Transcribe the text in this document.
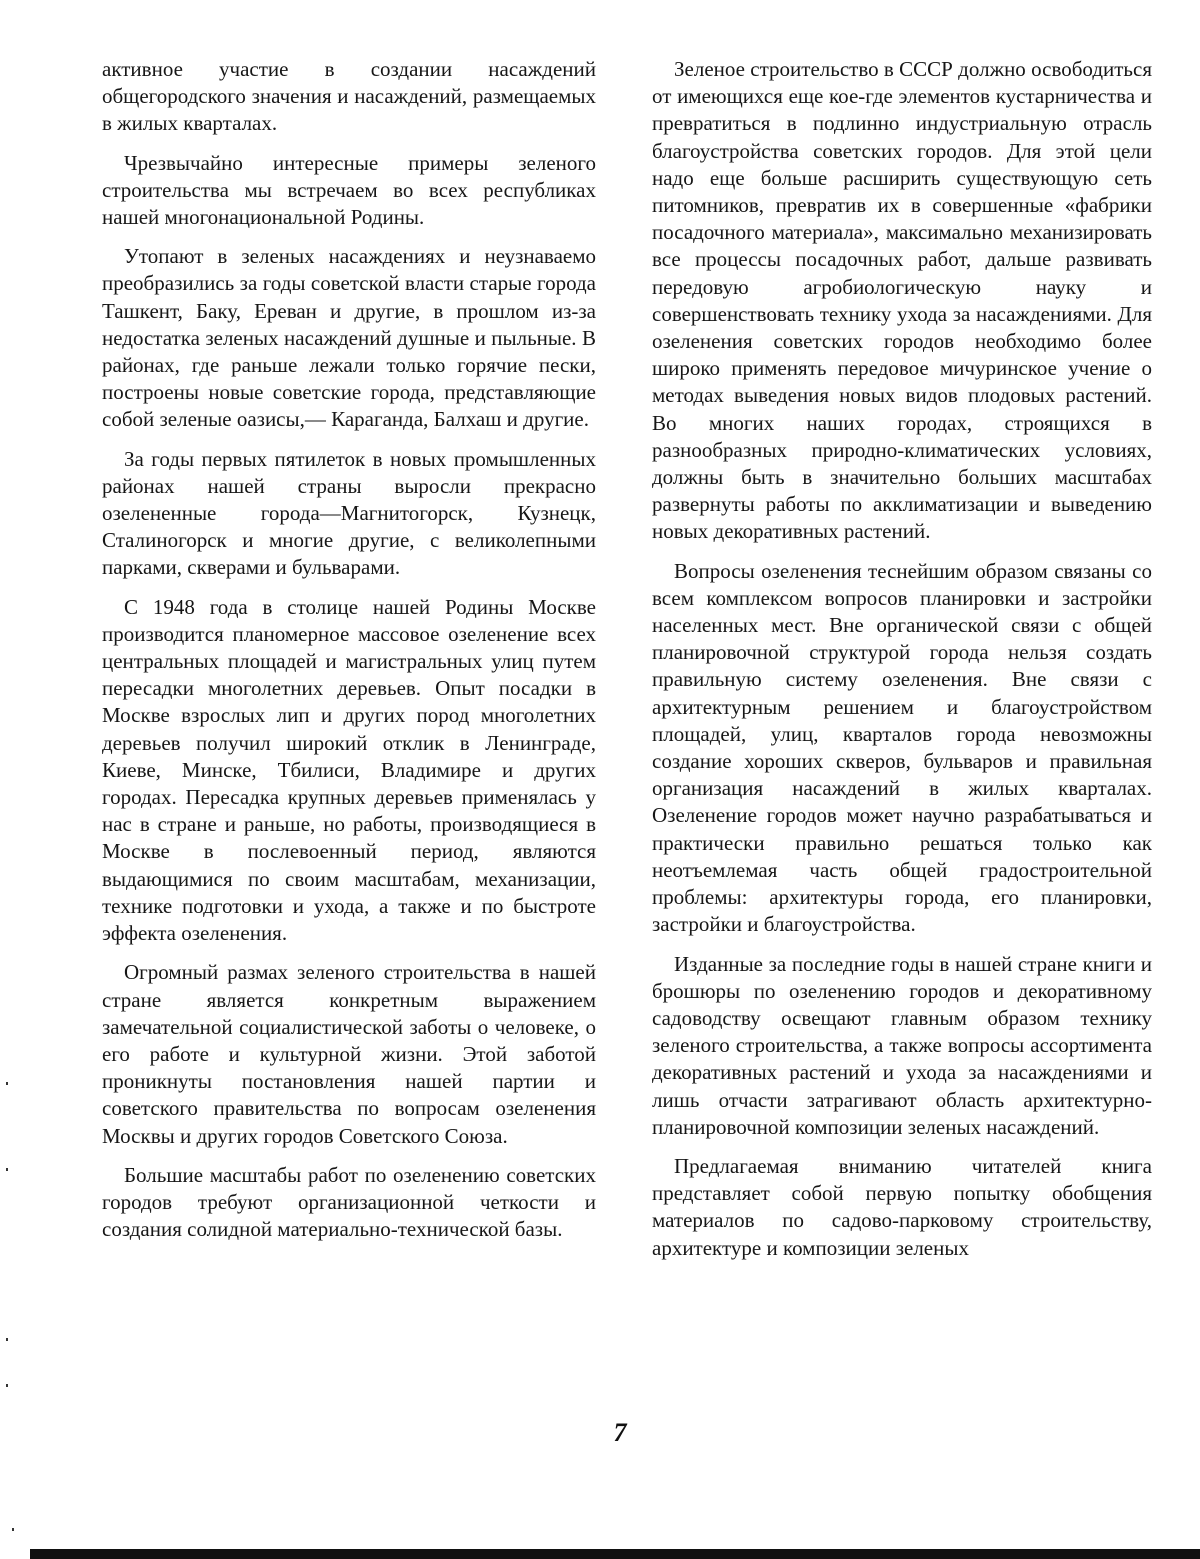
активное участие в создании насаждений общегородского значения и насаждений, размещаемых в жилых кварталах.

Чрезвычайно интересные примеры зеленого строительства мы встречаем во всех республиках нашей многонациональной Родины.

Утопают в зеленых насаждениях и неузнаваемо преобразились за годы советской власти старые города Ташкент, Баку, Ереван и другие, в прошлом из-за недостатка зеленых насаждений душные и пыльные. В районах, где раньше лежали только горячие пески, построены новые советские города, представляющие собой зеленые оазисы,— Караганда, Балхаш и другие.

За годы первых пятилеток в новых промышленных районах нашей страны выросли прекрасно озелененные города—Магнитогорск, Кузнецк, Сталиногорск и многие другие, с великолепными парками, скверами и бульварами.

С 1948 года в столице нашей Родины Москве производится планомерное массовое озеленение всех центральных площадей и магистральных улиц путем пересадки многолетних деревьев. Опыт посадки в Москве взрослых лип и других пород многолетних деревьев получил широкий отклик в Ленинграде, Киеве, Минске, Тбилиси, Владимире и других городах. Пересадка крупных деревьев применялась у нас в стране и раньше, но работы, производящиеся в Москве в послевоенный период, являются выдающимися по своим масштабам, механизации, технике подготовки и ухода, а также и по быстроте эффекта озеленения.

Огромный размах зеленого строительства в нашей стране является конкретным выражением замечательной социалистической заботы о человеке, о его работе и культурной жизни. Этой заботой проникнуты постановления нашей партии и советского правительства по вопросам озеленения Москвы и других городов Советского Союза.

Большие масштабы работ по озеленению советских городов требуют организационной четкости и создания солидной материально-технической базы.

Зеленое строительство в СССР должно освободиться от имеющихся еще кое-где элементов кустарничества и превратиться в подлинно индустриальную отрасль благоустройства советских городов. Для этой цели надо еще больше расширить существующую сеть питомников, превратив их в совершенные «фабрики посадочного материала», максимально механизировать все процессы посадочных работ, дальше развивать передовую агробиологическую науку и совершенствовать технику ухода за насаждениями. Для озеленения советских городов необходимо более широко применять передовое мичуринское учение о методах выведения новых видов плодовых растений. Во многих наших городах, строящихся в разнообразных природно-климатических условиях, должны быть в значительно больших масштабах развернуты работы по акклиматизации и выведению новых декоративных растений.

Вопросы озеленения теснейшим образом связаны со всем комплексом вопросов планировки и застройки населенных мест. Вне органической связи с общей планировочной структурой города нельзя создать правильную систему озеленения. Вне связи с архитектурным решением и благоустройством площадей, улиц, кварталов города невозможны создание хороших скверов, бульваров и правильная организация насаждений в жилых кварталах. Озеленение городов может научно разрабатываться и практически правильно решаться только как неотъемлемая часть общей градостроительной проблемы: архитектуры города, его планировки, застройки и благоустройства.

Изданные за последние годы в нашей стране книги и брошюры по озеленению городов и декоративному садоводству освещают главным образом технику зеленого строительства, а также вопросы ассортимента декоративных растений и ухода за насаждениями и лишь отчасти затрагивают область архитектурно-планировочной композиции зеленых насаждений.

Предлагаемая вниманию читателей книга представляет собой первую попытку обобщения материалов по садово-парковому строительству, архитектуре и композиции зеленых

7
